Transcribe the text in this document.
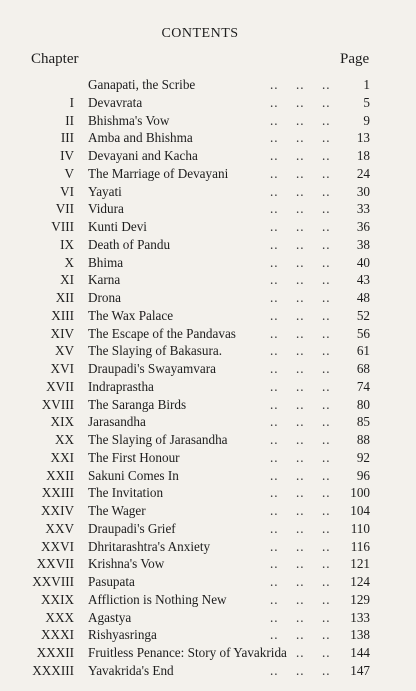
CONTENTS
Chapter	Page
Ganapati, the Scribe	.. .. ..	1
I Devavrata	.. .. ..	5
II Bhishma's Vow	.. .. ..	9
III Amba and Bhishma	.. .. ..	13
IV Devayani and Kacha	.. .. ..	18
V The Marriage of Devayani	.. .. ..	24
VI Yayati	.. .. ..	30
VII Vidura	.. .. ..	33
VIII Kunti Devi	.. .. ..	36
IX Death of Pandu	.. .. ..	38
X Bhima	.. .. ..	40
XI Karna	.. .. ..	43
XII Drona	.. .. ..	48
XIII The Wax Palace	.. .. ..	52
XIV The Escape of the Pandavas	.. .. ..	56
XV The Slaying of Bakasura.	.. .. ..	61
XVI Draupadi's Swayamvara	.. .. ..	68
XVII Indraprastha	.. .. ..	74
XVIII The Saranga Birds	.. .. ..	80
XIX Jarasandha	.. .. ..	85
XX The Slaying of Jarasandha	.. .. ..	88
XXI The First Honour	.. .. ..	92
XXII Sakuni Comes In	.. .. ..	96
XXIII The Invitation	.. .. ..	100
XXIV The Wager	.. .. ..	104
XXV Draupadi's Grief	.. .. ..	110
XXVI Dhritarashtra's Anxiety	.. .. ..	116
XXVII Krishna's Vow	.. .. ..	121
XXVIII Pasupata	.. .. ..	124
XXIX Affliction is Nothing New	.. .. ..	129
XXX Agastya	.. .. ..	133
XXXI Rishyasringa	.. .. ..	138
XXXII Fruitless Penance: Story of Yavakrida .. ..	144
XXXIII Yavakrida's End	.. .. ..	147
